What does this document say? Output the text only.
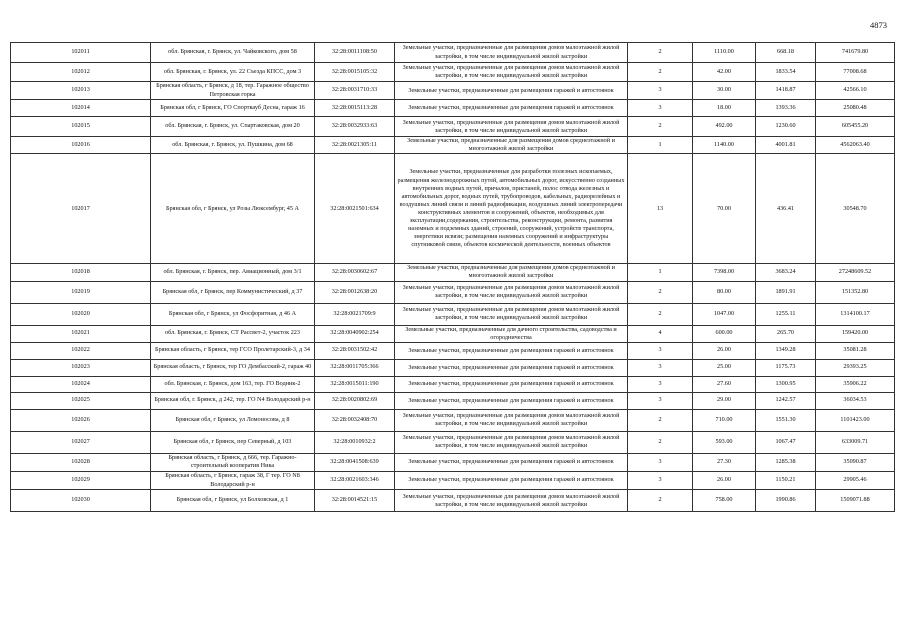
4873
102011	обл. Брянская, г. Брянск, ул. Чайковского, дом 58	32:28:0011108:50	Земельные участки, предназначенные для размещения домов малоэтажной жилой застройки, в том числе индивидуальной жилой застройки	2	1110.00	668.18	741679.80
102012	обл. Брянская, г. Брянск, ул. 22 Съезда КПСС, дом 3	32:28:0015105:32	Земельные участки, предназначенные для размещения домов малоэтажной жилой застройки, в том числе индивидуальной жилой застройки	2	42.00	1833.54	77008.68
102013	Брянская область, г Брянск, д 18, тер. Гаражное общество Петровская горка	32:28:0031710:33	Земельные участки, предназначенные для размещения гаражей и автостоянок	3	30.00	1418.87	42566.10
102014	Брянская обл, г Брянск, ГО Спорткауб Десна, гараж 16	32:28:0015113:28	Земельные участки, предназначенные для размещения гаражей и автостоянок	3	18.00	1393.36	25080.48
102015	обл. Брянская, г. Брянск, ул. Спартаковская, дом 20	32:28:0032933:63	Земельные участки, предназначенные для размещения домов малоэтажной жилой застройки, в том числе индивидуальной жилой застройки	2	492.00	1230.60	605455.20
102016	обл. Брянская, г. Брянск, ул. Пушкина, дом 68	32:28:0021305:11	Земельные участки, предназначенные для размещения домов среднеэтажной и многоэтажной жилой застройки	1	1140.00	4001.81	4562063.40
102017	Брянская обл, г Брянск, ул Розы Люксембург, 45 А	32:28:0021501:634	Земельные участки, предназначенные для разработки полезных ископаемых, размещения железнодорожных путей, автомобильных дорог, искусственно созданных внутренних водных путей, причалов, пристаней, полос отвода железных и автомобильных дорог, водных путей, трубопроводов, кабельных, радиорелейных и воздушных линий связи и линий радиофикации, воздушных линий электропередачи конструктивных элементов и сооружений, объектов, необходимых для эксплуатации,содержания, строительства, реконструкции, ремонта, развития наземных и подземных зданий, строений, сооружений, устройств транспорта, энергетики исвязи; размещения наземных сооружений и инфраструктуры спутниковой связи, объектов космической деятельности, военных объектов	13	70.00	436.41	30548.70
102018	обл. Брянская, г. Брянск, пер. Авиационный, дом 3/1	32:28:0030602:67	Земельные участки, предназначенные для размещения домов среднеэтажной и многоэтажной жилой застройки	1	7398.00	3683.24	27248609.52
102019	Брянская обл, г Брянск, пер Коммунистический, д 37	32:28:0012638:20	Земельные участки, предназначенные для размещения домов малоэтажной жилой застройки, в том числе индивидуальной жилой застройки	2	80.00	1891.91	151352.80
102020	Брянская обл, г Брянск, ул Фосфоритная, д 46 А	32:28:0021709:9	Земельные участки, предназначенные для размещения домов малоэтажной жилой застройки, в том числе индивидуальной жилой застройки	2	1047.00	1255.11	1314100.17
102021	обл. Брянская, г. Брянск, СТ Рассвет-2, участок 223	32:28:0040902:254	Земельные участки, предназначенные для дачного строительства, садоводства и огородничества	4	600.00	265.70	159420.00
102022	Брянская область, г Брянск, тер ГСО Пролетарский-3, д 34	32:28:0031502:42	Земельные участки, предназначенные для размещения гаражей и автостоянок	3	26.00	1349.28	35081.28
102023	Брянская область, г Брянск, тер ГО Дембасский-2, гараж 40	32:28:0011705:366	Земельные участки, предназначенные для размещения гаражей и автостоянок	3	25.00	1175.73	29393.25
102024	обл. Брянская, г. Брянск, дом 163, тер. ГО Водник-2	32:28:0015011:190	Земельные участки, предназначенные для размещения гаражей и автостоянок	3	27.60	1300.95	35906.22
102025	Брянская обл, г. Брянск, д 242, тер. ГО N4 Володарский р-н	32:28:0020802:69	Земельные участки, предназначенные для размещения гаражей и автостоянок	3	29.00	1242.57	36034.53
102026	Брянская обл, г Брянск, ул Ломоносова, д 8	32:28:0032408:70	Земельные участки, предназначенные для размещения домов малоэтажной жилой застройки, в том числе индивидуальной жилой застройки	2	710.00	1551.30	1101423.00
102027	Брянская обл, г Брянск, пер Северный, д 103	32:28:0010932:2	Земельные участки, предназначенные для размещения домов малоэтажной жилой застройки, в том числе индивидуальной жилой застройки	2	593.00	1067.47	633009.71
102028	Брянская область, г Брянск, д 666, тер. Гаражно-строительный кооператив Ника	32:28:0041508:639	Земельные участки, предназначенные для размещения гаражей и автостоянок	3	27.30	1285.38	35090.87
102029	Брянская область, г Брянск, гараж 38, Г тер. ГО N8 Володарский р-н	32:28:0021603:346	Земельные участки, предназначенные для размещения гаражей и автостоянок	3	26.00	1150.21	29905.46
102030	Брянская обл, г Брянск, ул Болховская, д 1	32:28:0014521:15	Земельные участки, предназначенные для размещения домов малоэтажной жилой застройки, в том числе индивидуальной жилой застройки	2	758.00	1990.86	1509071.88
